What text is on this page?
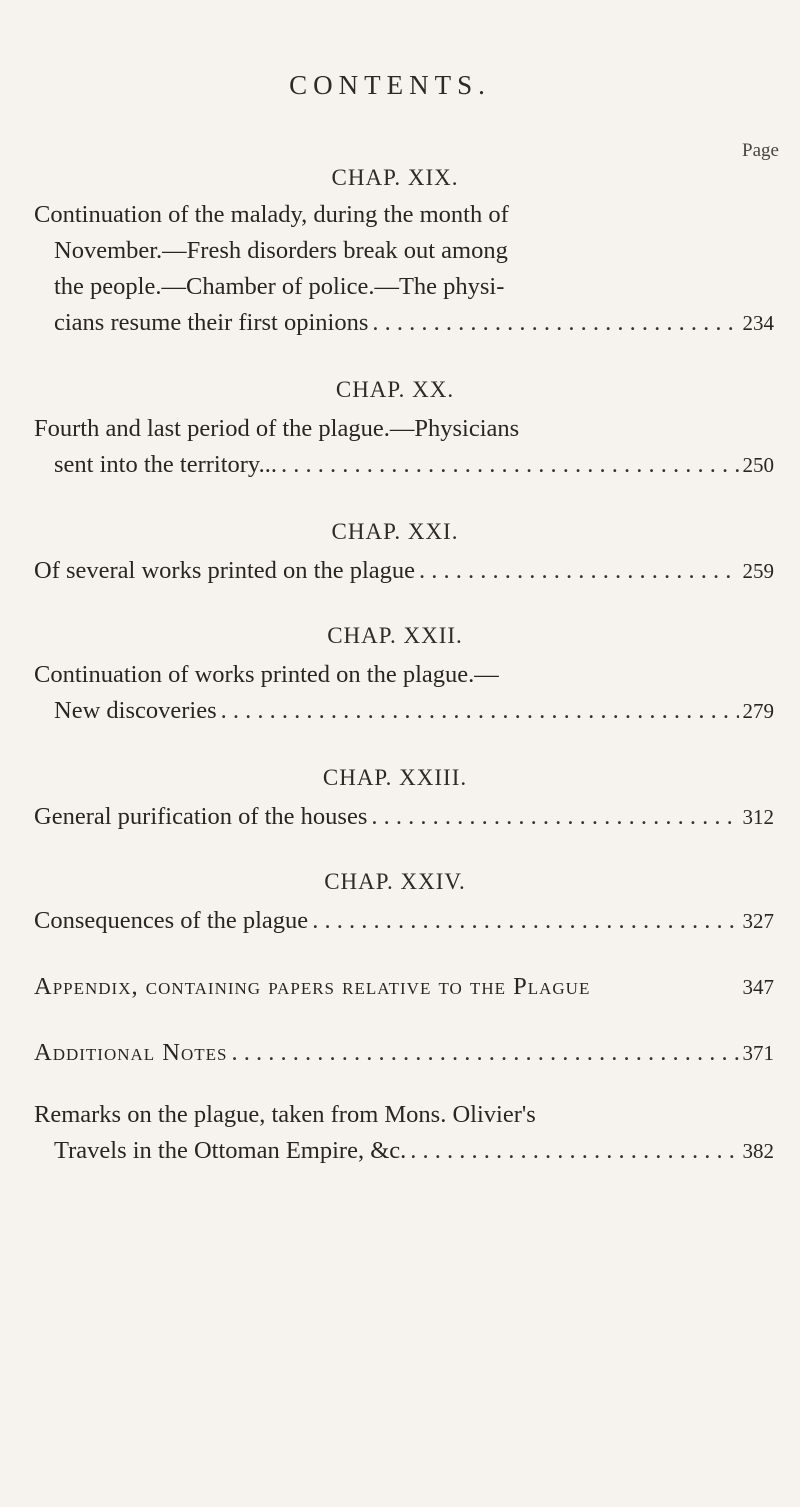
CONTENTS.
Page
CHAP. XIX.
Continuation of the malady, during the month of
November.—Fresh disorders break out among
the people.—Chamber of police.—The physi-
cians resume their first opinions . . .	234
CHAP. XX.
Fourth and last period of the plague.—Physicians
sent into the territory... . . .	250
CHAP. XXI.
Of several works printed on the plague . . .	259
CHAP. XXII.
Continuation of works printed on the plague.—
New discoveries . . .	279
CHAP. XXIII.
General purification of the houses . . .	312
CHAP. XXIV.
Consequences of the plague . . .	327
Appendix, containing papers relative to the Plague	347
Additional Notes . . .	371
Remarks on the plague, taken from Mons. Olivier's
Travels in the Ottoman Empire, &c. . . .	382
